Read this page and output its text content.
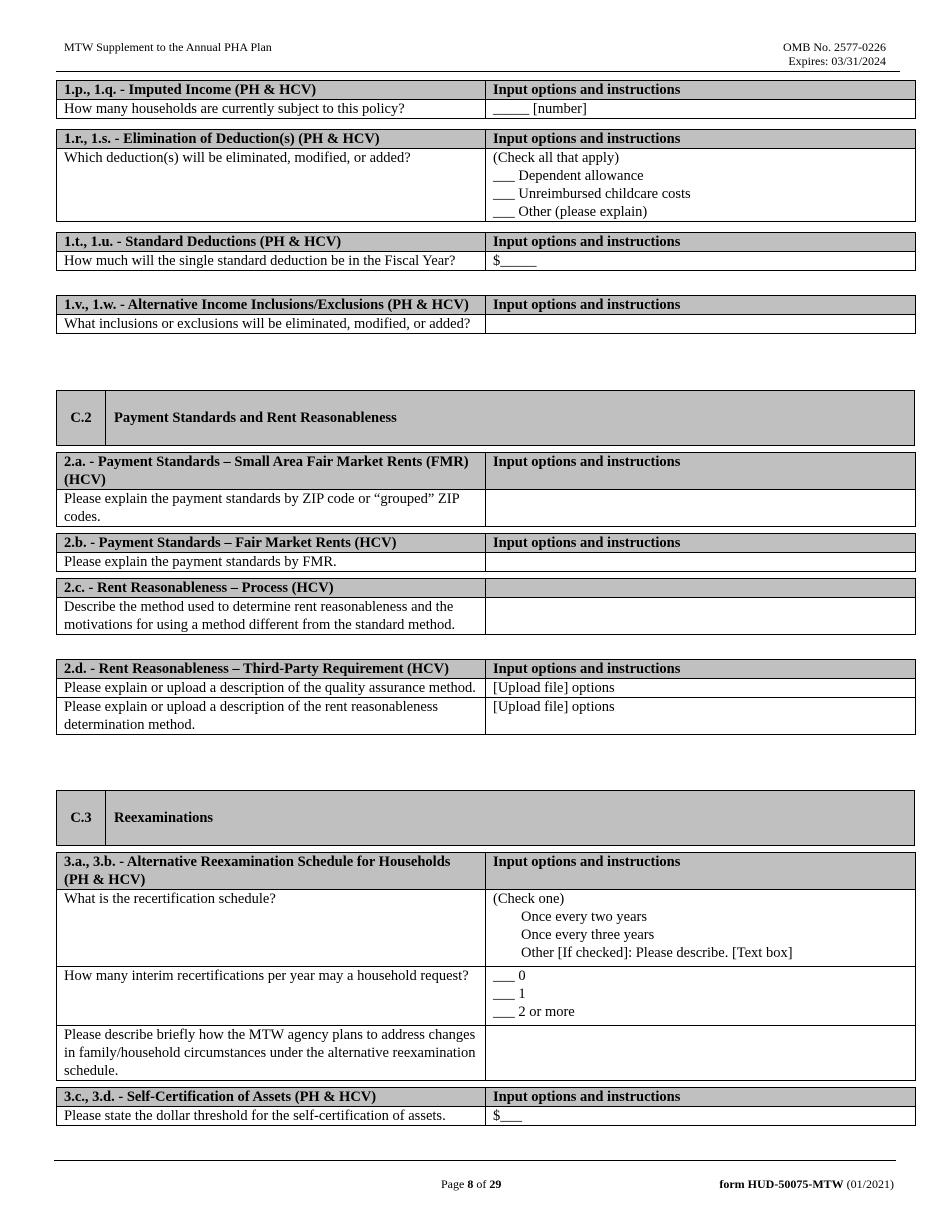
MTW Supplement to the Annual PHA Plan	OMB No. 2577-0226
Expires: 03/31/2024
1.p., 1.q. - Imputed Income (PH & HCV)	Input options and instructions
How many households are currently subject to this policy?	_____ [number]
1.r., 1.s. - Elimination of Deduction(s) (PH & HCV)	Input options and instructions
Which deduction(s) will be eliminated, modified, or added?	(Check all that apply)
___ Dependent allowance
___ Unreimbursed childcare costs
___ Other (please explain)
1.t., 1.u. - Standard Deductions (PH & HCV)	Input options and instructions
How much will the single standard deduction be in the Fiscal Year?	$_____
1.v., 1.w. - Alternative Income Inclusions/Exclusions (PH & HCV)	Input options and instructions
What inclusions or exclusions will be eliminated, modified, or added?	
C.2	Payment Standards and Rent Reasonableness
2.a. - Payment Standards – Small Area Fair Market Rents (FMR) (HCV)	Input options and instructions
Please explain the payment standards by ZIP code or “grouped” ZIP codes.	
2.b. - Payment Standards – Fair Market Rents (HCV)	Input options and instructions
Please explain the payment standards by FMR.	
2.c. - Rent Reasonableness – Process (HCV)	
Describe the method used to determine rent reasonableness and the motivations for using a method different from the standard method.	
2.d. - Rent Reasonableness – Third-Party Requirement (HCV)	Input options and instructions
Please explain or upload a description of the quality assurance method.	[Upload file] options
Please explain or upload a description of the rent reasonableness determination method.	[Upload file] options
C.3	Reexaminations
3.a., 3.b. - Alternative Reexamination Schedule for Households (PH & HCV)	Input options and instructions
What is the recertification schedule?	(Check one)
Once every two years
Once every three years
Other [If checked]: Please describe. [Text box]

How many interim recertifications per year may a household request?	___ 0
___ 1
___ 2 or more

Please describe briefly how the MTW agency plans to address changes in family/household circumstances under the alternative reexamination schedule.	
3.c., 3.d. - Self-Certification of Assets (PH & HCV)	Input options and instructions
Please state the dollar threshold for the self-certification of assets.	$___
Page 8 of 29	form HUD-50075-MTW (01/2021)
